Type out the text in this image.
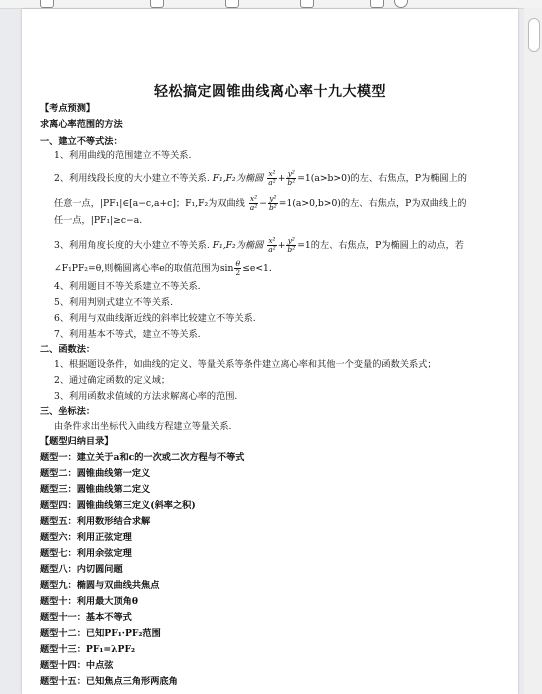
轻松搞定圆锥曲线离心率十九大模型
【考点预测】
求离心率范围的方法
一、建立不等式法：
1、利用曲线的范围建立不等关系.
2、利用线段长度的大小建立不等关系. F₁,F₂为椭圆 $\frac{\text{x²}}{\text{a²}} + \frac{\text{y²}}{\text{b²}} =1(a>b>0)$的左、右焦点，P为椭圆上的
任意一点，|PF₁|∈[a−c,a+c]；F₁,F₂为双曲线 $\frac{\text{x²}}{\text{a²}} - \frac{\text{y²}}{\text{b²}} =1(a>0,b>0)$的左、右焦点，P为双曲线上的
任一点，|PF₁|≥c−a.
3、利用角度长度的大小建立不等关系. F₁,F₂为椭圆 $\frac{\text{x²}}{\text{a²}} + \frac{\text{y²}}{\text{b²}} =1$的左、右焦点，P为椭圆上的动点，若
∠F₁PF₂=θ,则椭圆离心率e的取值范围为$\sin \frac{\theta}{2} \le e<1$.
4、利用题目不等关系建立不等关系.
5、利用判别式建立不等关系.
6、利用与双曲线渐近线的斜率比较建立不等关系.
7、利用基本不等式，建立不等关系.
二、函数法：
1、根据题设条件，如曲线的定义、等量关系等条件建立离心率和其他一个变量的函数关系式；
2、通过确定函数的定义域；
3、利用函数求值域的方法求解离心率的范围.
三、坐标法：
由条件求出坐标代入曲线方程建立等量关系.
【题型归纳目录】
题型一：建立关于a和c的一次或二次方程与不等式
题型二：圆锥曲线第一定义
题型三：圆锥曲线第二定义
题型四：圆锥曲线第三定义(斜率之积)
题型五：利用数形结合求解
题型六：利用正弦定理
题型七：利用余弦定理
题型八：内切圆问题
题型九：椭圆与双曲线共焦点
题型十：利用最大顶角θ
题型十一：基本不等式
题型十二：已知PF₁·PF₂范围
题型十三：PF₁=λPF₂
题型十四：中点弦
题型十五：已知焦点三角形两底角
